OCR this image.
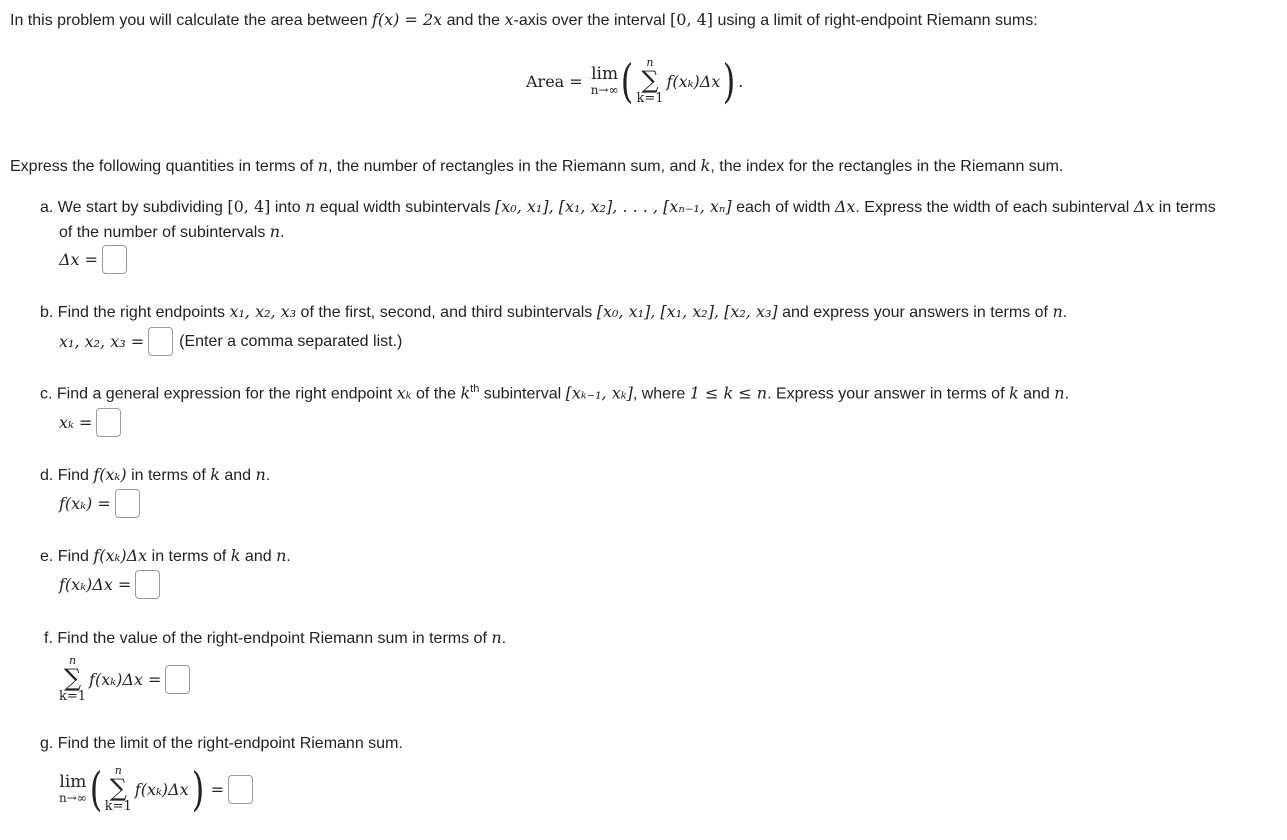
In this problem you will calculate the area between f(x) = 2x and the x-axis over the interval [0, 4] using a limit of right-endpoint Riemann sums:
Area = lim
n→∞ ( n
∑
k=1
f(xₖ)Δx ) .
Express the following quantities in terms of n, the number of rectangles in the Riemann sum, and k, the index for the rectangles in the Riemann sum.
a. We start by subdividing [0, 4] into n equal width subintervals [x₀, x₁], [x₁, x₂], . . . , [xₙ₋₁, xₙ] each of width Δx. Express the width of each subinterval Δx in terms
of the number of subintervals n.
Δx =
b. Find the right endpoints x₁, x₂, x₃ of the first, second, and third subintervals [x₀, x₁], [x₁, x₂], [x₂, x₃] and express your answers in terms of n.
x₁, x₂, x₃ = (Enter a comma separated list.)
c. Find a general expression for the right endpoint xₖ of the $k^{th}$ subinterval [xₖ₋₁, xₖ], where 1 ≤ k ≤ n. Express your answer in terms of k and n.
xₖ =
d. Find f(xₖ) in terms of k and n.
f(xₖ) =
e. Find f(xₖ)Δx in terms of k and n.
f(xₖ)Δx =
f. Find the value of the right-endpoint Riemann sum in terms of n.
n
∑
k=1
f(xₖ)Δx =
g. Find the limit of the right-endpoint Riemann sum.
lim
n→∞ ( n
∑
k=1
f(xₖ)Δx ) =
